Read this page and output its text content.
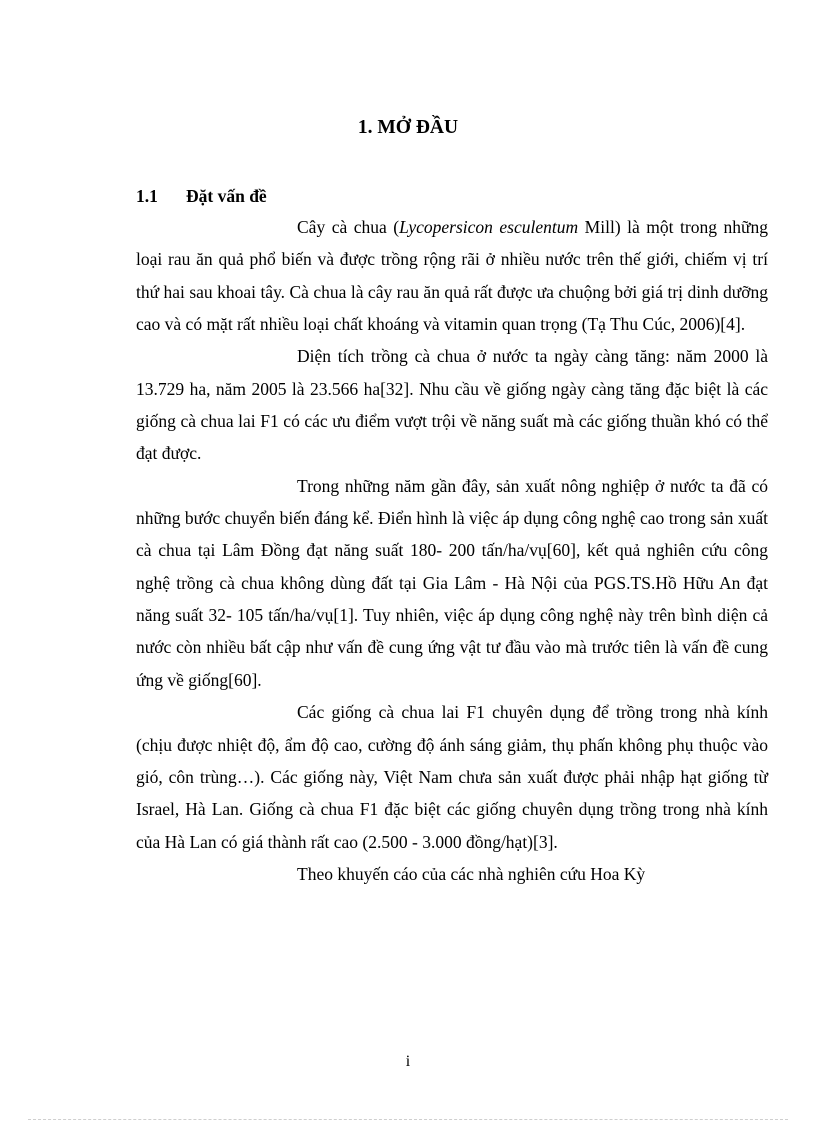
1. MỞ ĐẦU
1.1 Đặt vấn đề

Cây cà chua (Lycopersicon esculentum Mill) là một trong những loại rau ăn quả phổ biến và được trồng rộng rãi ở nhiều nước trên thế giới, chiếm vị trí thứ hai sau khoai tây. Cà chua là cây rau ăn quả rất được ưa chuộng bởi giá trị dinh dưỡng cao và có mặt rất nhiều loại chất khoáng và vitamin quan trọng (Tạ Thu Cúc, 2006)[4].

Diện tích trồng cà chua ở nước ta ngày càng tăng: năm 2000 là 13.729 ha, năm 2005 là 23.566 ha[32]. Nhu cầu về giống ngày càng tăng đặc biệt là các giống cà chua lai F1 có các ưu điểm vượt trội về năng suất mà các giống thuần khó có thể đạt được.

Trong những năm gần đây, sản xuất nông nghiệp ở nước ta đã có những bước chuyển biến đáng kể. Điển hình là việc áp dụng công nghệ cao trong sản xuất cà chua tại Lâm Đồng đạt năng suất 180- 200 tấn/ha/vụ[60], kết quả nghiên cứu công nghệ trồng cà chua không dùng đất tại Gia Lâm - Hà Nội của PGS.TS.Hồ Hữu An đạt năng suất 32- 105 tấn/ha/vụ[1]. Tuy nhiên, việc áp dụng công nghệ này trên bình diện cả nước còn nhiều bất cập như vấn đề cung ứng vật tư đầu vào mà trước tiên là vấn đề cung ứng về giống[60].

Các giống cà chua lai F1 chuyên dụng để trồng trong nhà kính (chịu được nhiệt độ, ẩm độ cao, cường độ ánh sáng giảm, thụ phấn không phụ thuộc vào gió, côn trùng…). Các giống này, Việt Nam chưa sản xuất được phải nhập hạt giống từ Israel, Hà Lan. Giống cà chua F1 đặc biệt các giống chuyên dụng trồng trong nhà kính của Hà Lan có giá thành rất cao (2.500 - 3.000 đồng/hạt)[3].

Theo khuyến cáo của các nhà nghiên cứu Hoa Kỳ

i
